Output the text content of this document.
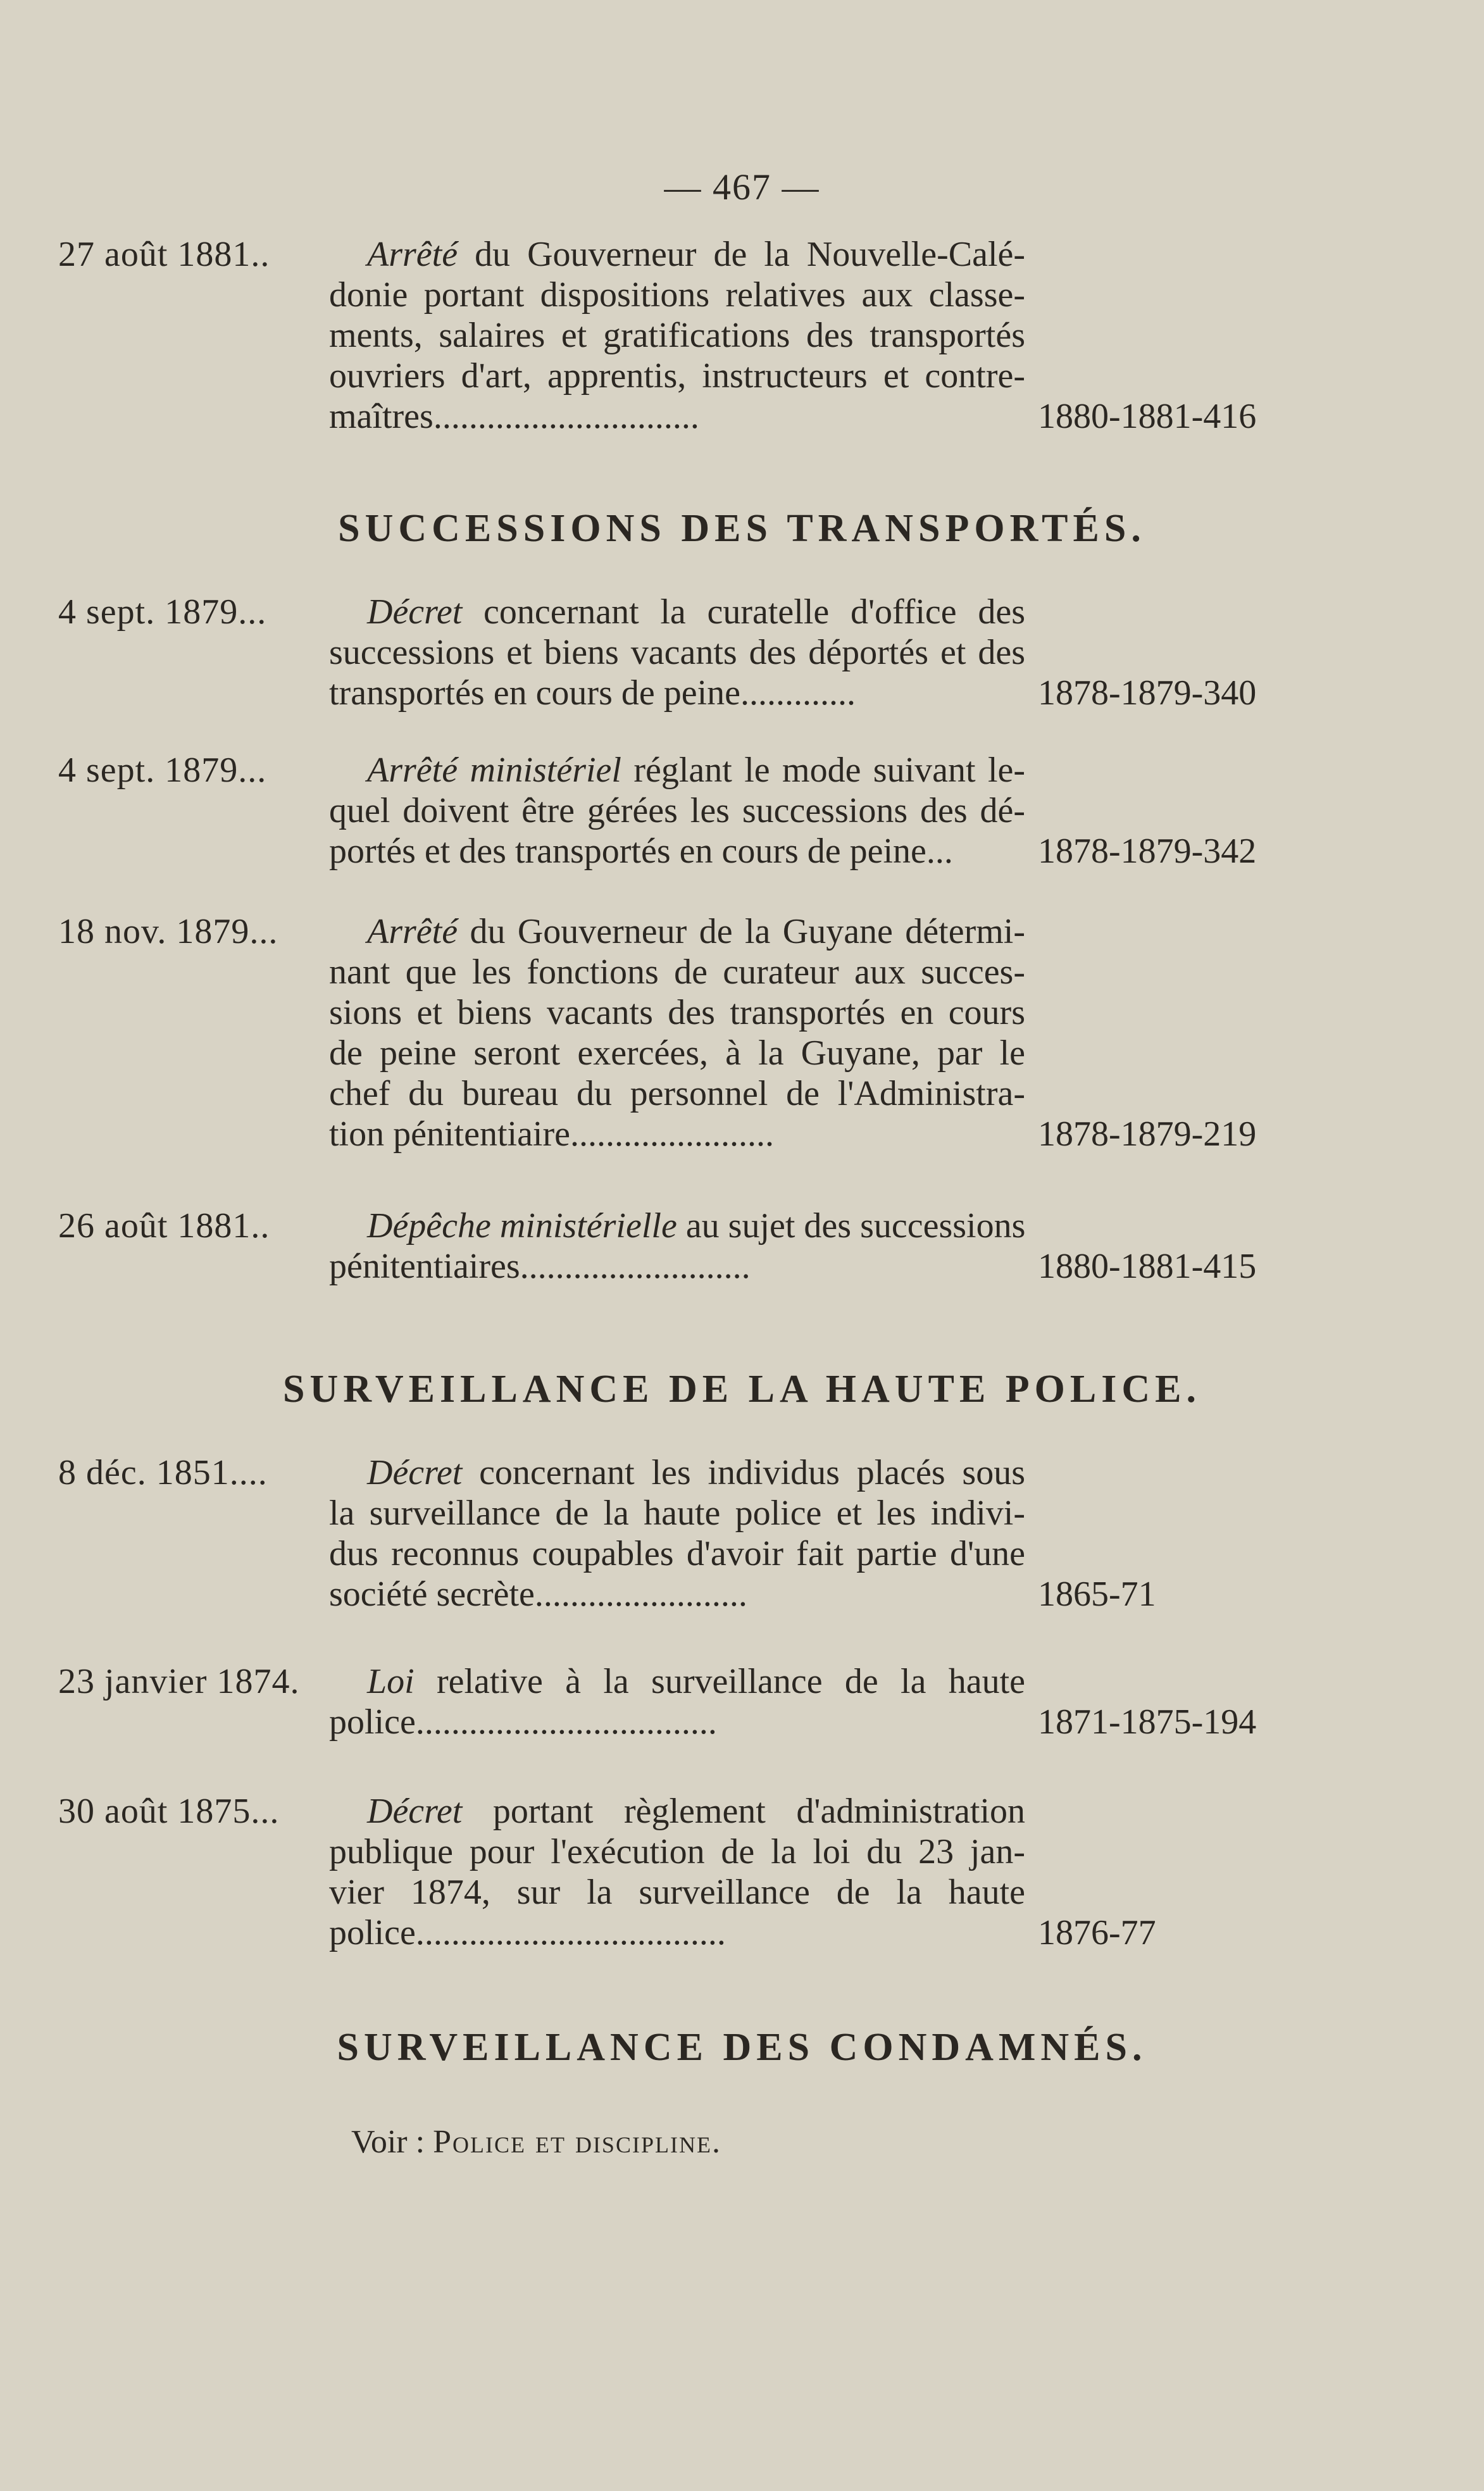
— 467 —
27 août 1881..	Arrêté du Gouverneur de la Nouvelle-Calé-
donie portant dispositions relatives aux classe-
ments, salaires et gratifications des transportés
ouvriers d'art, apprentis, instructeurs et contre-
maîtres..............................	1880-1881-416
SUCCESSIONS DES TRANSPORTÉS.
4 sept. 1879...	Décret concernant la curatelle d'office des
successions et biens vacants des déportés et des
transportés en cours de peine.............	1878-1879-340
4 sept. 1879...	Arrêté ministériel réglant le mode suivant le-
quel doivent être gérées les successions des dé-
portés et des transportés en cours de peine...	1878-1879-342
18 nov. 1879...	Arrêté du Gouverneur de la Guyane détermi-
nant que les fonctions de curateur aux succes-
sions et biens vacants des transportés en cours
de peine seront exercées, à la Guyane, par le
chef du bureau du personnel de l'Administra-
tion pénitentiaire.......................	1878-1879-219
26 août 1881..	Dépêche ministérielle au sujet des successions
pénitentiaires..........................	1880-1881-415
SURVEILLANCE DE LA HAUTE POLICE.
8 déc. 1851....	Décret concernant les individus placés sous
la surveillance de la haute police et les indivi-
dus reconnus coupables d'avoir fait partie d'une
société secrète........................	1865-71
23 janvier 1874.	Loi relative à la surveillance de la haute
police..................................	1871-1875-194
30 août 1875...	Décret portant règlement d'administration
publique pour l'exécution de la loi du 23 jan-
vier 1874, sur la surveillance de la haute
police...................................	1876-77
SURVEILLANCE DES CONDAMNÉS.
Voir : Police et discipline.
